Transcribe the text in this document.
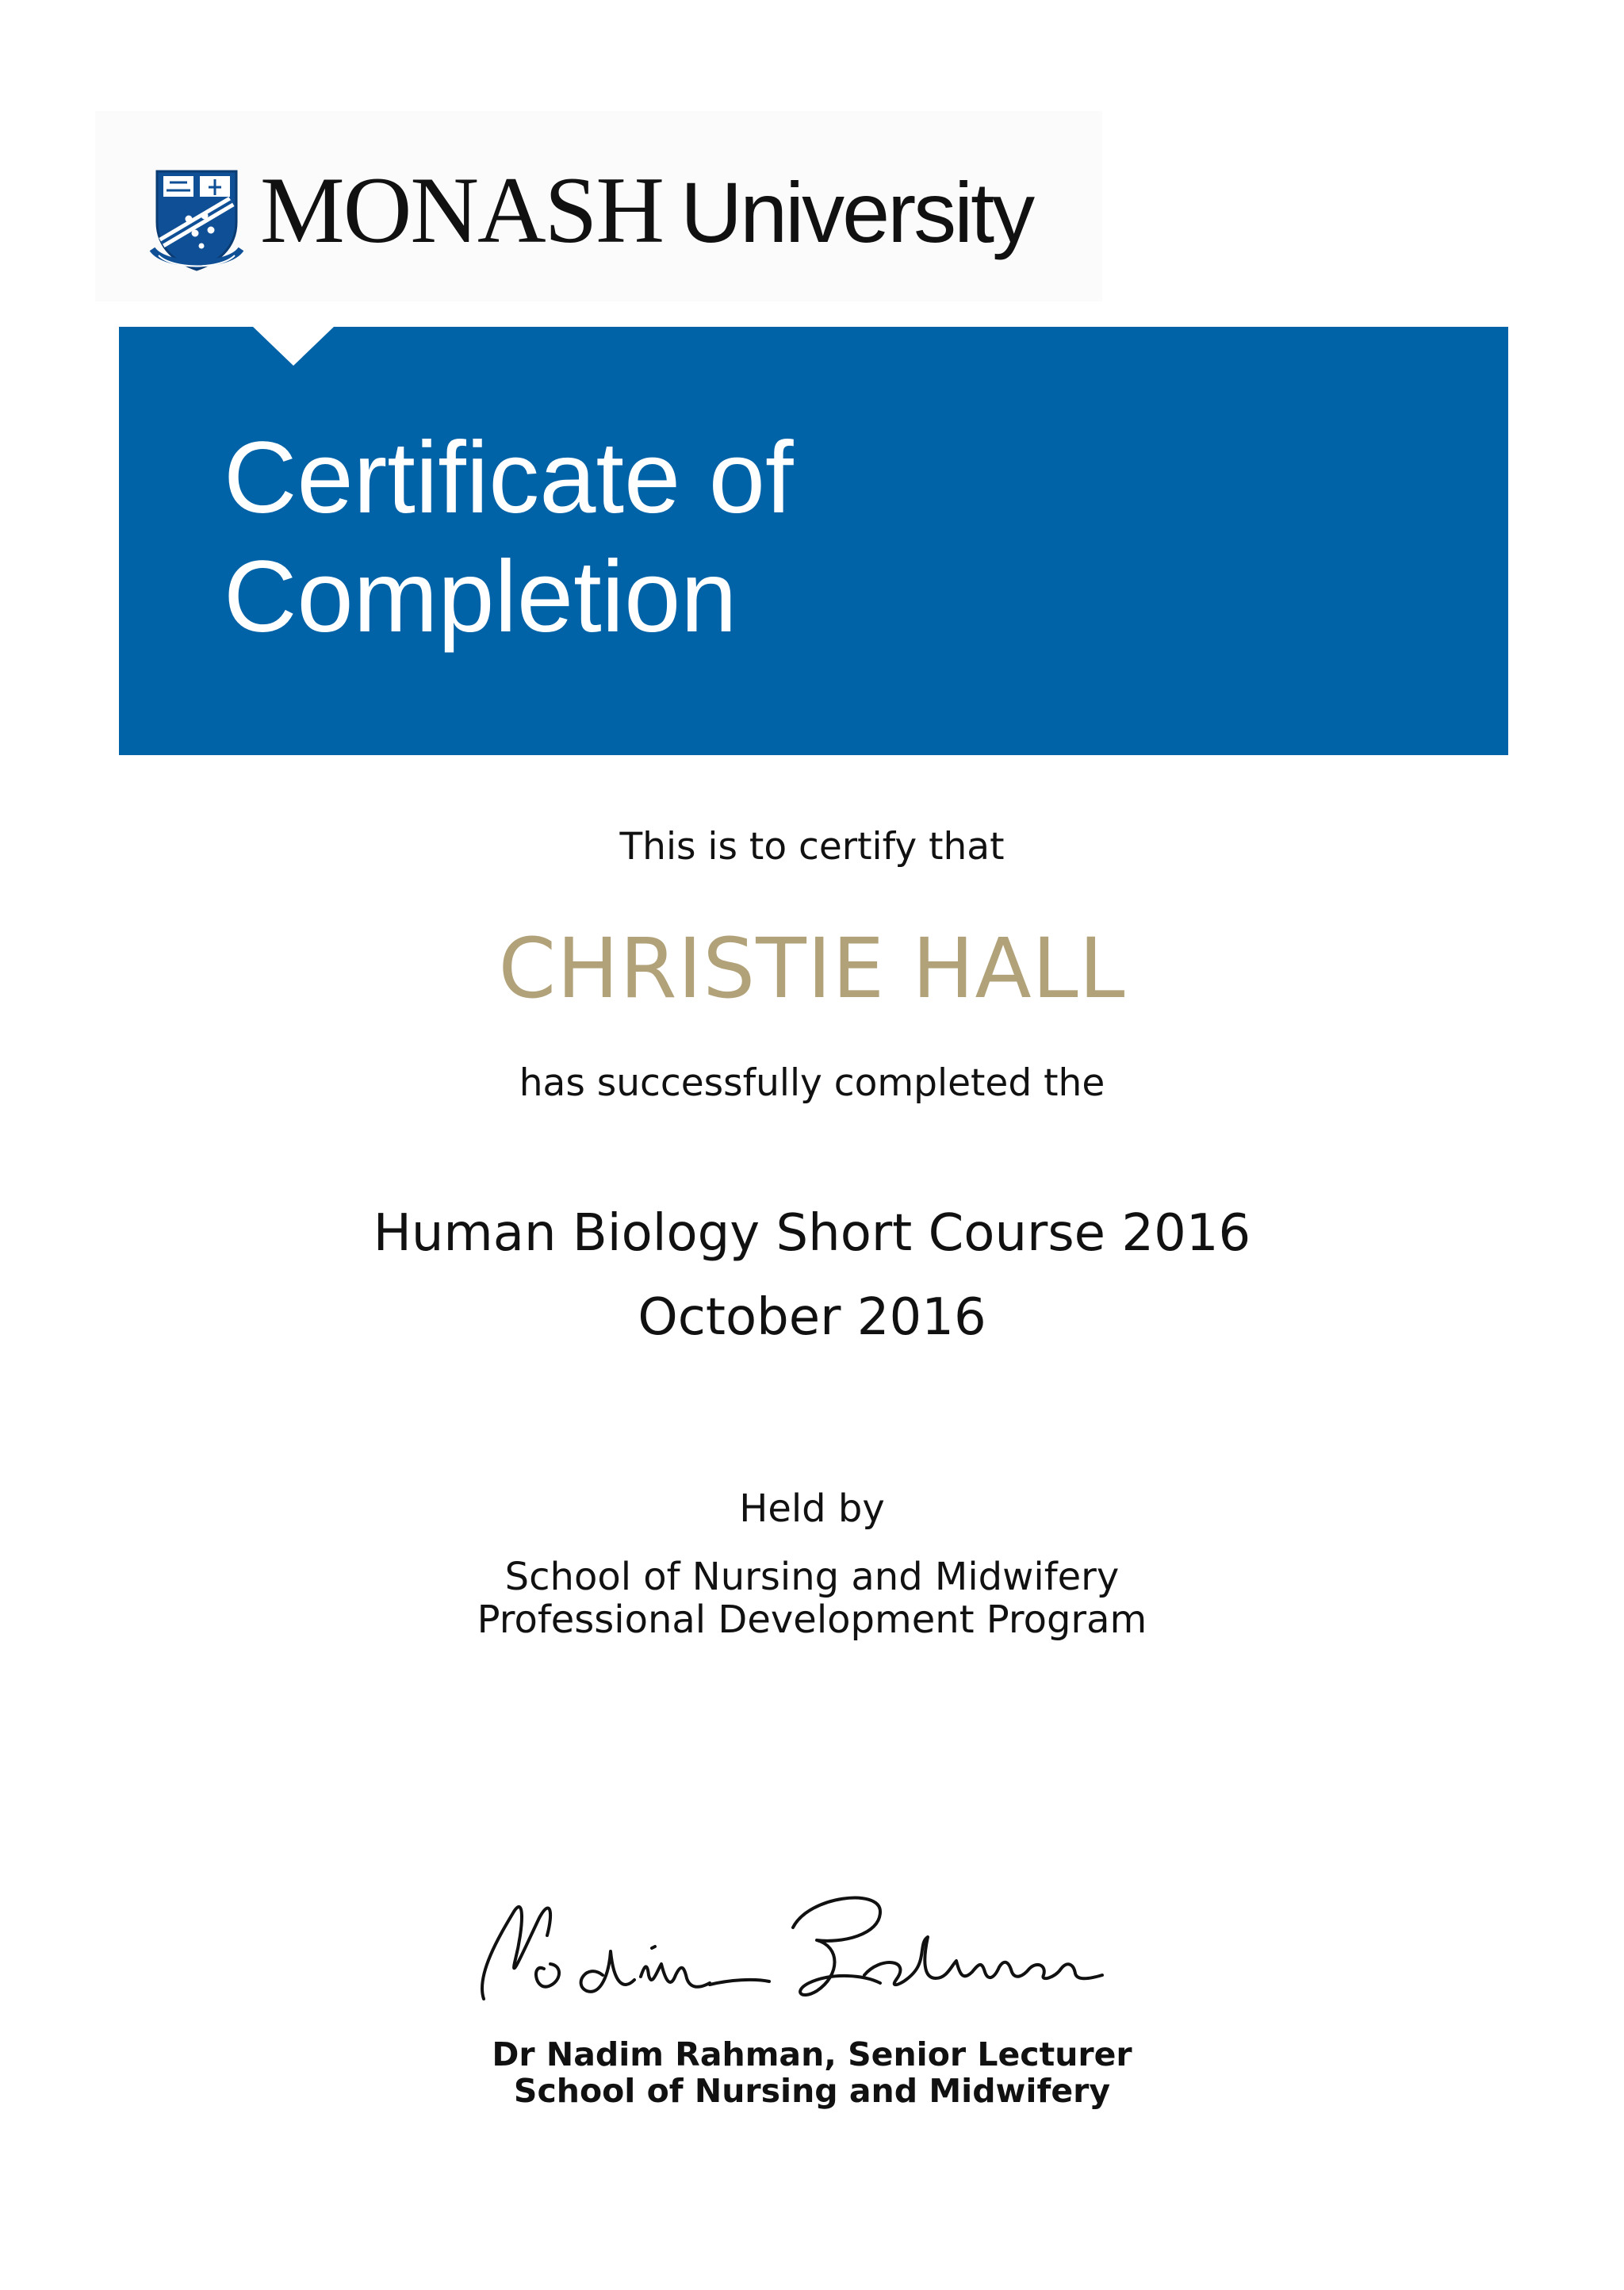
MONASH University
Certificate of
Completion
This is to certify that
CHRISTIE HALL
has successfully completed the
Human Biology Short Course 2016
October 2016
Held by
School of Nursing and Midwifery
Professional Development Program
Dr Nadim Rahman, Senior Lecturer
School of Nursing and Midwifery
